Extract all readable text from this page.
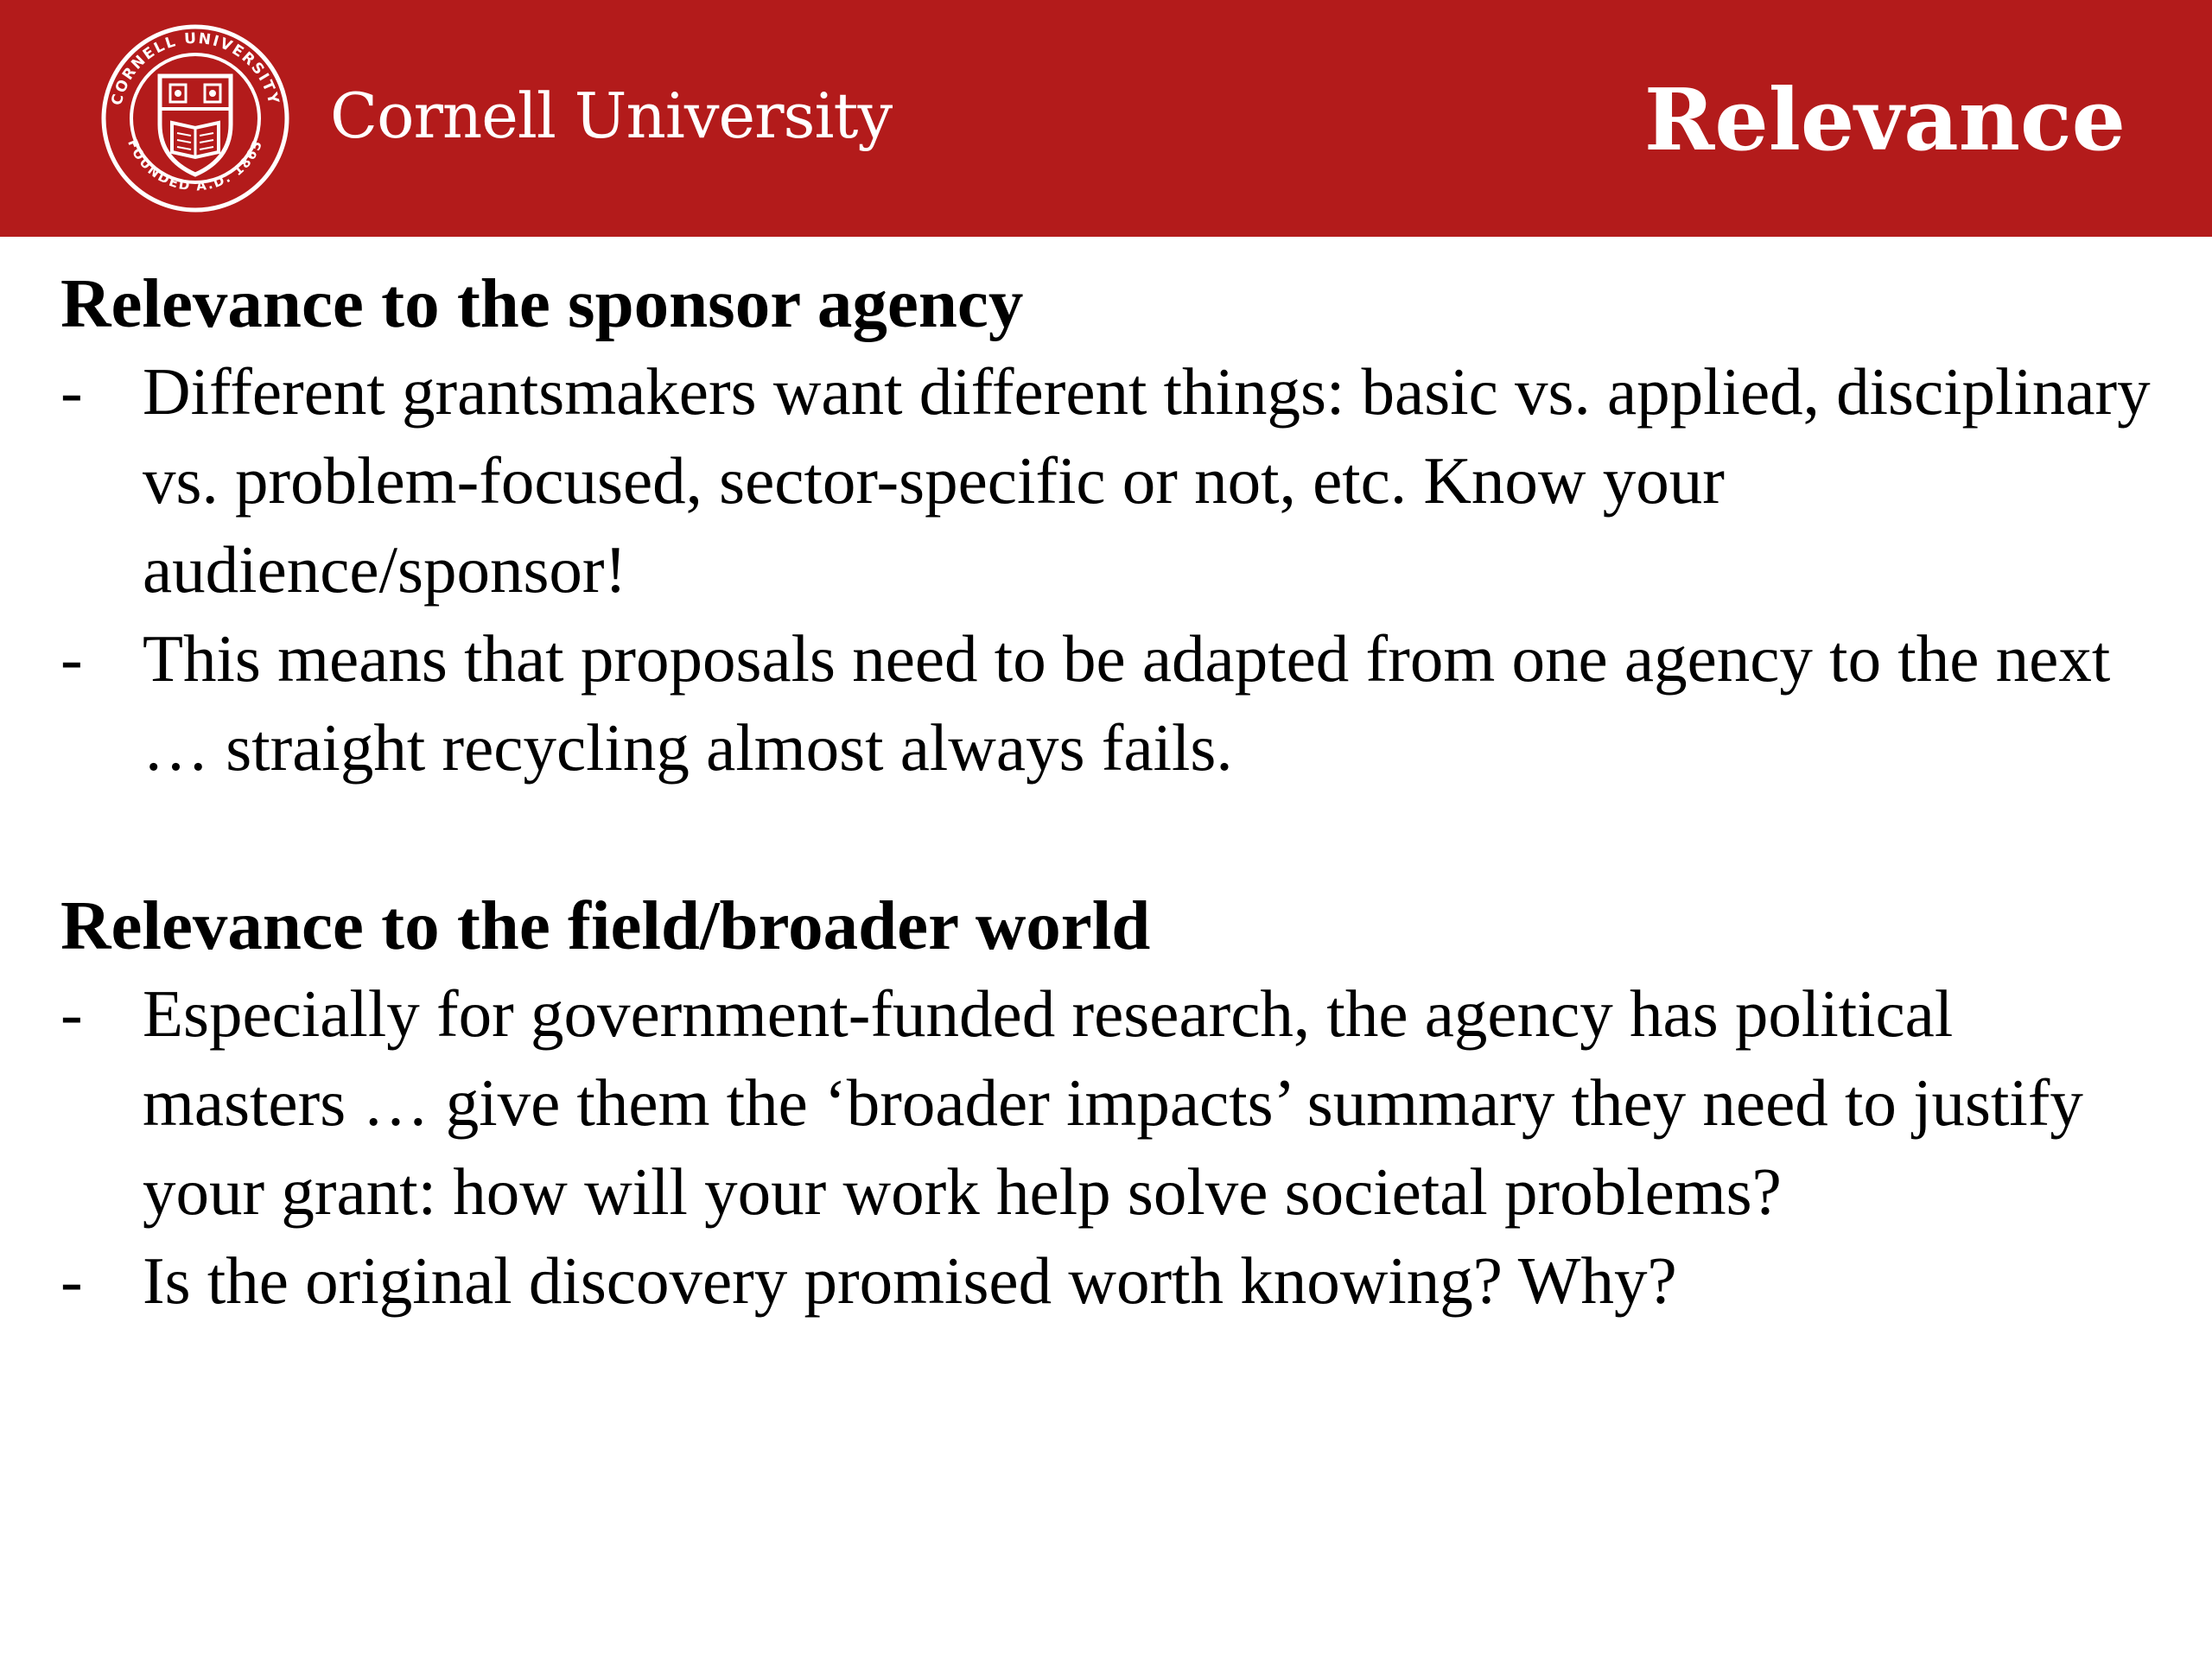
CORNELL UNIVERSITY
FOUNDED A.D. 1865 Cornell University	Relevance
Relevance to the sponsor agency
- Different grantsmakers want different things: basic vs. applied, disciplinary vs. problem-focused, sector-specific or not, etc. Know your audience/sponsor!
- This means that proposals need to be adapted from one agency to the next … straight recycling almost always fails.
Relevance to the field/broader world
- Especially for government-funded research, the agency has political masters … give them the ‘broader impacts’ summary they need to justify your grant: how will your work help solve societal problems?
- Is the original discovery promised worth knowing? Why?
